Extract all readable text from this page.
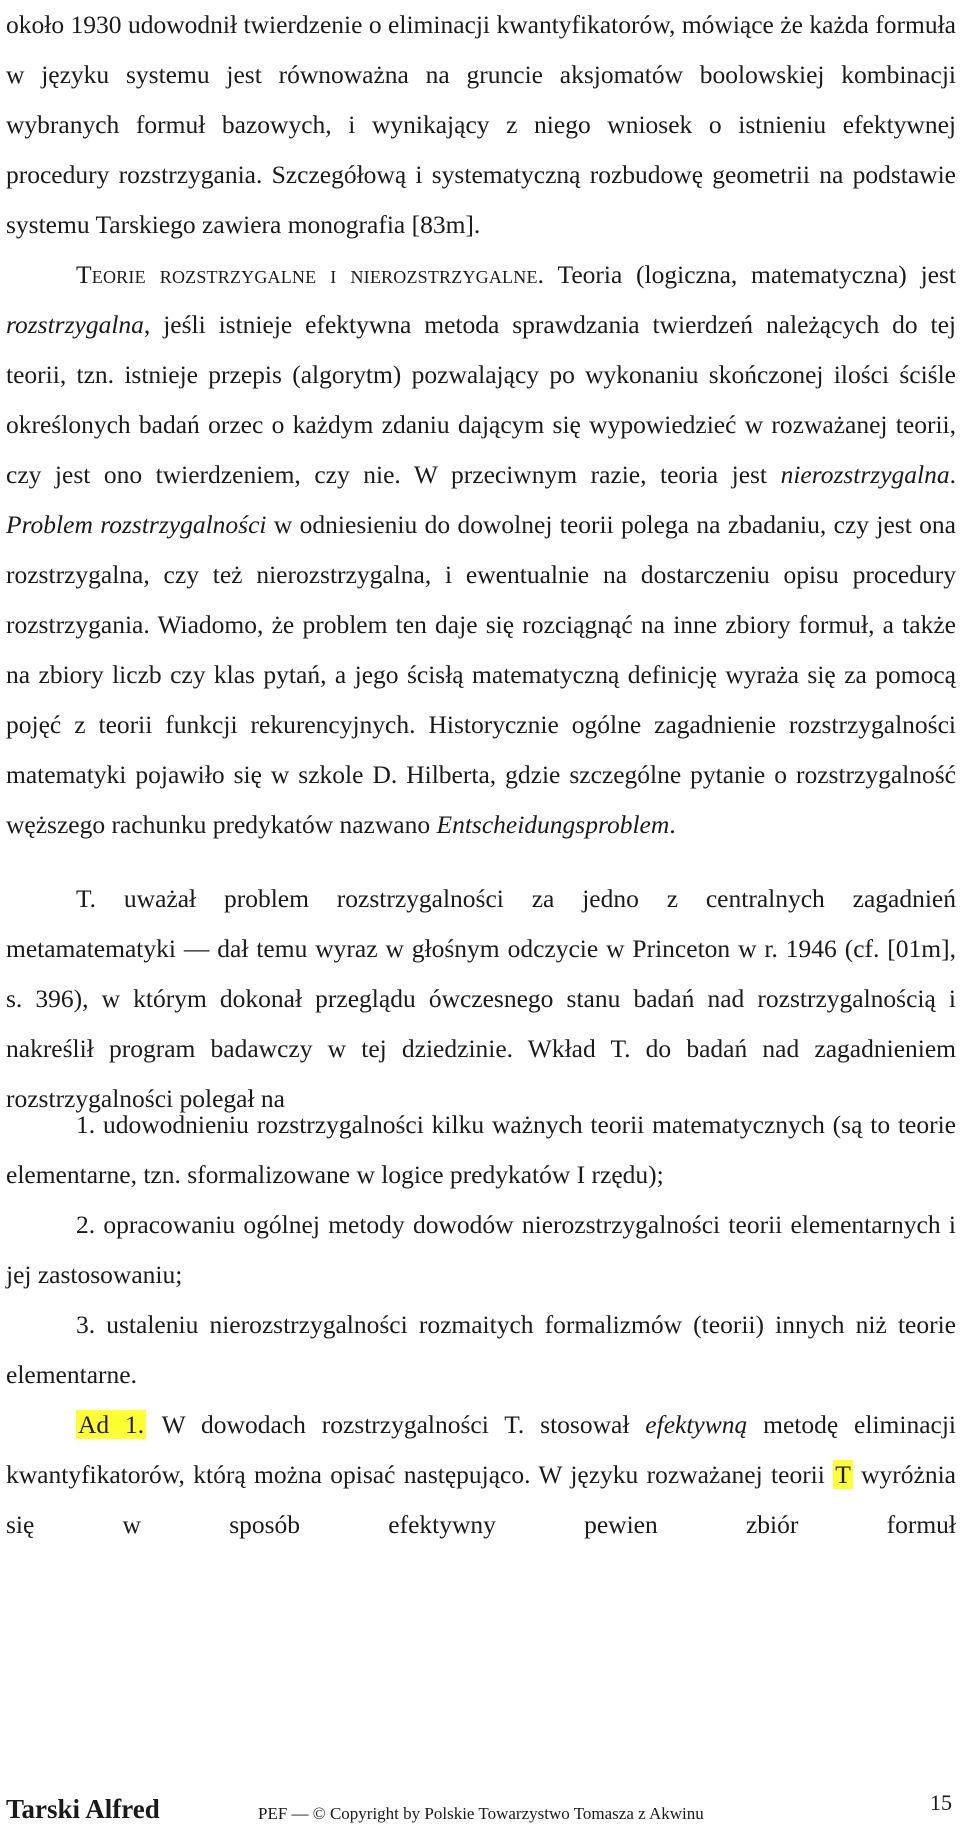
około 1930 udowodnił twierdzenie o eliminacji kwantyfikatorów, mówiące że każda formuła w języku systemu jest równoważna na gruncie aksjomatów boolowskiej kombinacji wybranych formuł bazowych, i wynikający z niego wniosek o istnieniu efektywnej procedury rozstrzygania. Szczegółową i systematyczną rozbudowę geometrii na podstawie systemu Tarskiego zawiera monografia [83m].

Teorie rozstrzygalne i nierozstrzygalne. Teoria (logiczna, matematyczna) jest rozstrzygalna, jeśli istnieje efektywna metoda sprawdzania twierdzeń należących do tej teorii, tzn. istnieje przepis (algorytm) pozwalający po wykonaniu skończonej ilości ściśle określonych badań orzec o każdym zdaniu dającym się wypowiedzieć w rozważanej teorii, czy jest ono twierdzeniem, czy nie. W przeciwnym razie, teoria jest nierozstrzygalna. Problem rozstrzygalności w odniesieniu do dowolnej teorii polega na zbadaniu, czy jest ona rozstrzygalna, czy też nierozstrzygalna, i ewentualnie na dostarczeniu opisu procedury rozstrzygania. Wiadomo, że problem ten daje się rozciągnąć na inne zbiory formuł, a także na zbiory liczb czy klas pytań, a jego ścisłą matematyczną definicję wyraża się za pomocą pojęć z teorii funkcji rekurencyjnych. Historycznie ogólne zagadnienie rozstrzygalności matematyki pojawiło się w szkole D. Hilberta, gdzie szczególne pytanie o rozstrzygalność węższego rachunku predykatów nazwano Entscheidungsproblem.

T. uważał problem rozstrzygalności za jedno z centralnych zagadnień metamatematyki — dał temu wyraz w głośnym odczycie w Princeton w r. 1946 (cf. [01m], s. 396), w którym dokonał przeglądu ówczesnego stanu badań nad rozstrzygalnością i nakreślił program badawczy w tej dziedzinie. Wkład T. do badań nad zagadnieniem rozstrzygalności polegał na

1. udowodnieniu rozstrzygalności kilku ważnych teorii matematycznych (są to teorie elementarne, tzn. sformalizowane w logice predykatów I rzędu);

2. opracowaniu ogólnej metody dowodów nierozstrzygalności teorii elementarnych i jej zastosowaniu;

3. ustaleniu nierozstrzygalności rozmaitych formalizmów (teorii) innych niż teorie elementarne.

Ad 1. W dowodach rozstrzygalności T. stosował efektywną metodę eliminacji kwantyfikatorów, którą można opisać następująco. W języku rozważanej teorii T wyróżnia się w sposób efektywny pewien zbiór formuł

Tarski Alfred	PEF — © Copyright by Polskie Towarzystwo Tomasza z Akwinu	15
